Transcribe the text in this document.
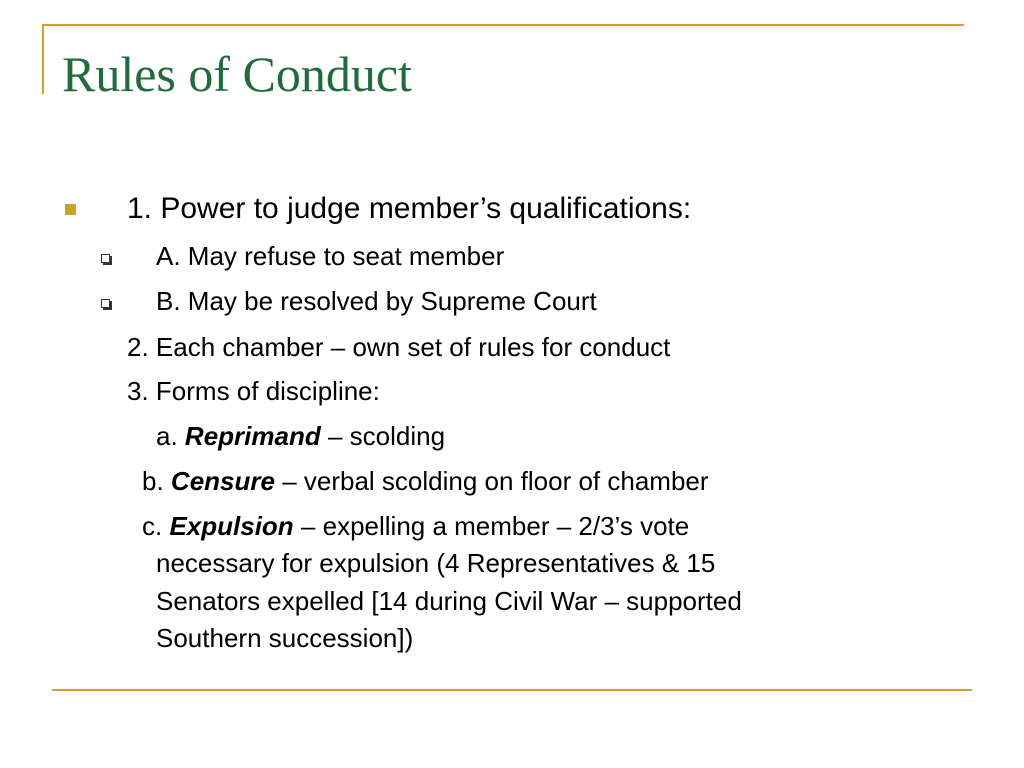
Rules of Conduct

1. Power to judge member’s qualifications:

A. May refuse to seat member

B. May be resolved by Supreme Court

2. Each chamber – own set of rules for conduct

3. Forms of discipline:

a. Reprimand – scolding

b. Censure – verbal scolding on floor of chamber

c. Expulsion – expelling a member – 2/3’s vote

necessary for expulsion (4 Representatives & 15

Senators expelled [14 during Civil War – supported

Southern succession])
